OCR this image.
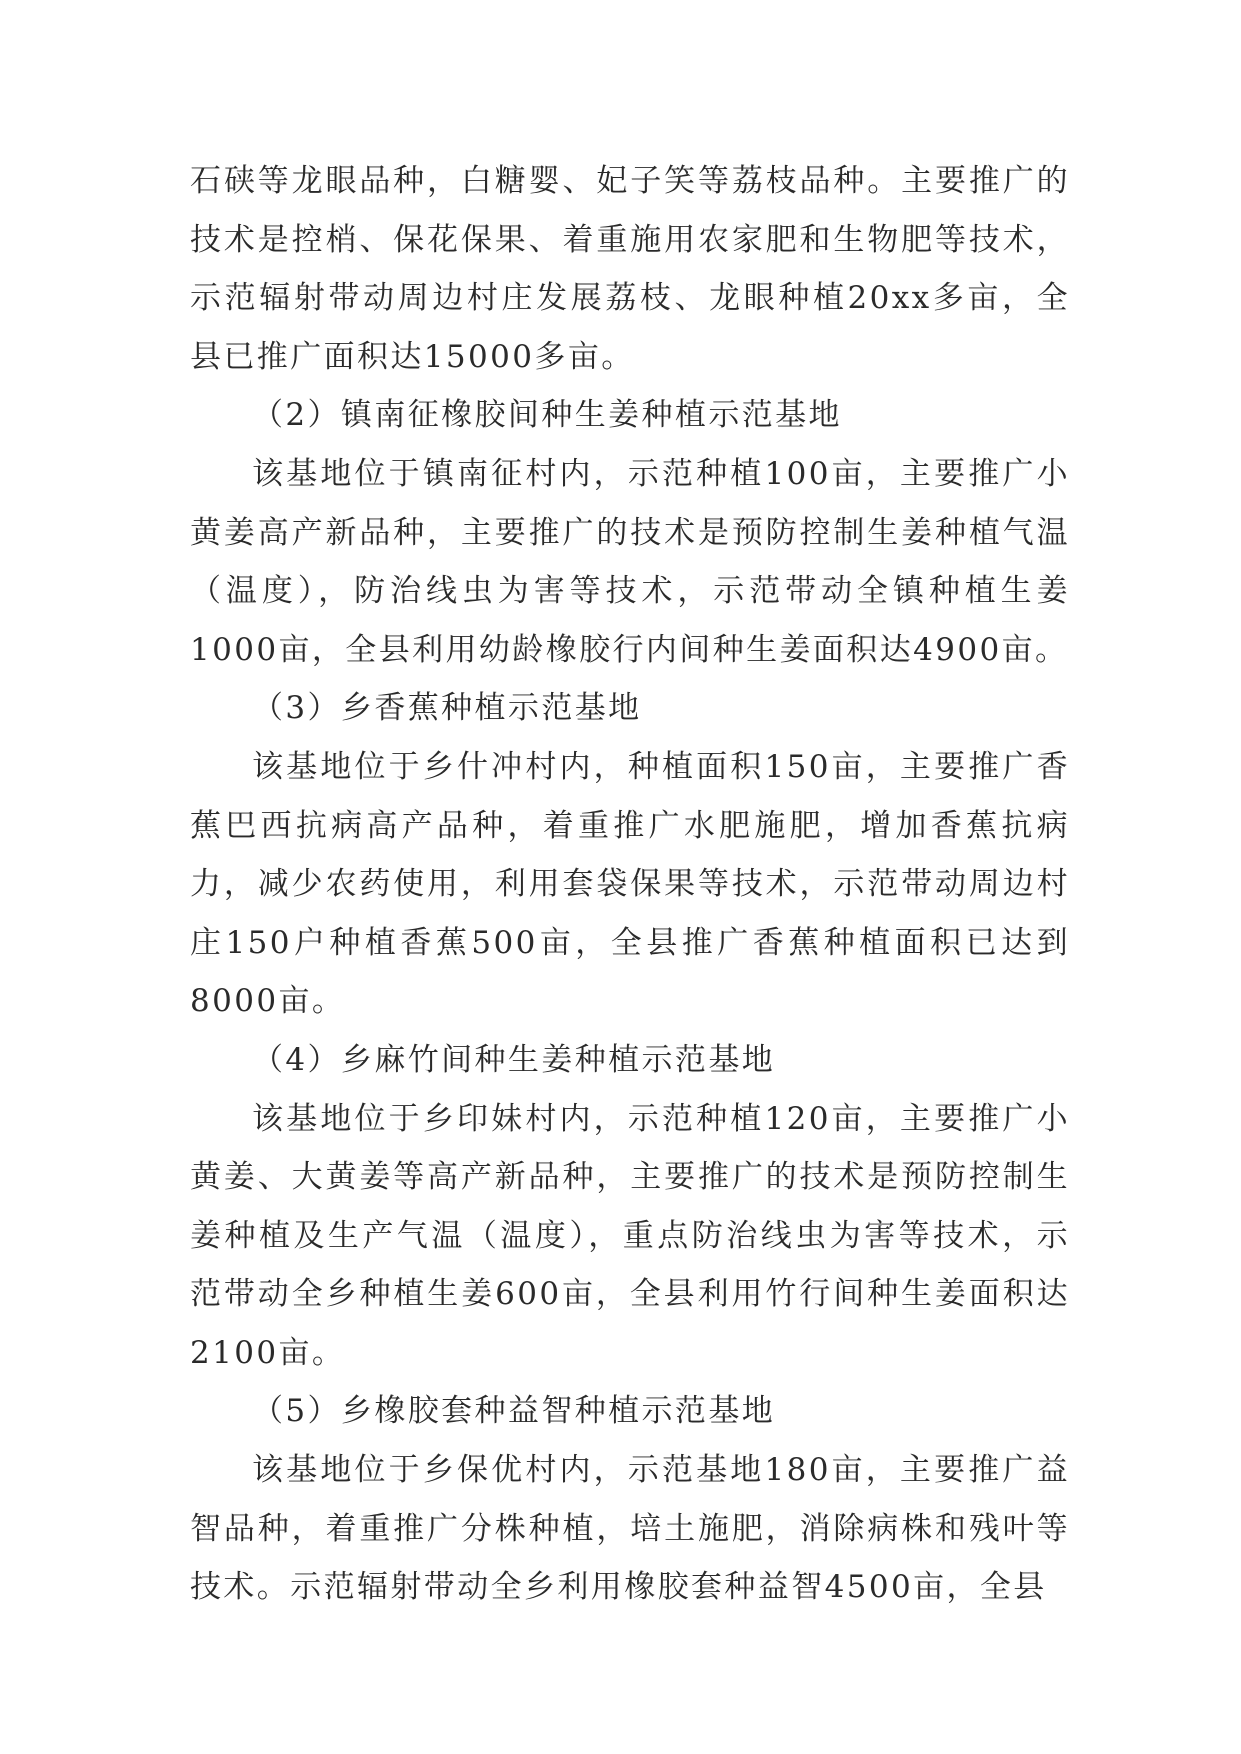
石硖等龙眼品种，白糖婴、妃子笑等荔枝品种。主要推广的技术是控梢、保花保果、着重施用农家肥和生物肥等技术，示范辐射带动周边村庄发展荔枝、龙眼种植20xx多亩，全县已推广面积达15000多亩。

（2）镇南征橡胶间种生姜种植示范基地

该基地位于镇南征村内，示范种植100亩，主要推广小黄姜高产新品种，主要推广的技术是预防控制生姜种植气温（温度），防治线虫为害等技术，示范带动全镇种植生姜1000亩，全县利用幼龄橡胶行内间种生姜面积达4900亩。

（3）乡香蕉种植示范基地

该基地位于乡什冲村内，种植面积150亩，主要推广香蕉巴西抗病高产品种，着重推广水肥施肥，增加香蕉抗病力，减少农药使用，利用套袋保果等技术，示范带动周边村庄150户种植香蕉500亩，全县推广香蕉种植面积已达到8000亩。

（4）乡麻竹间种生姜种植示范基地

该基地位于乡印妹村内，示范种植120亩，主要推广小黄姜、大黄姜等高产新品种，主要推广的技术是预防控制生姜种植及生产气温（温度），重点防治线虫为害等技术，示范带动全乡种植生姜600亩，全县利用竹行间种生姜面积达2100亩。

（5）乡橡胶套种益智种植示范基地

该基地位于乡保优村内，示范基地180亩，主要推广益智品种，着重推广分株种植，培土施肥，消除病株和残叶等技术。示范辐射带动全乡利用橡胶套种益智4500亩，全县
